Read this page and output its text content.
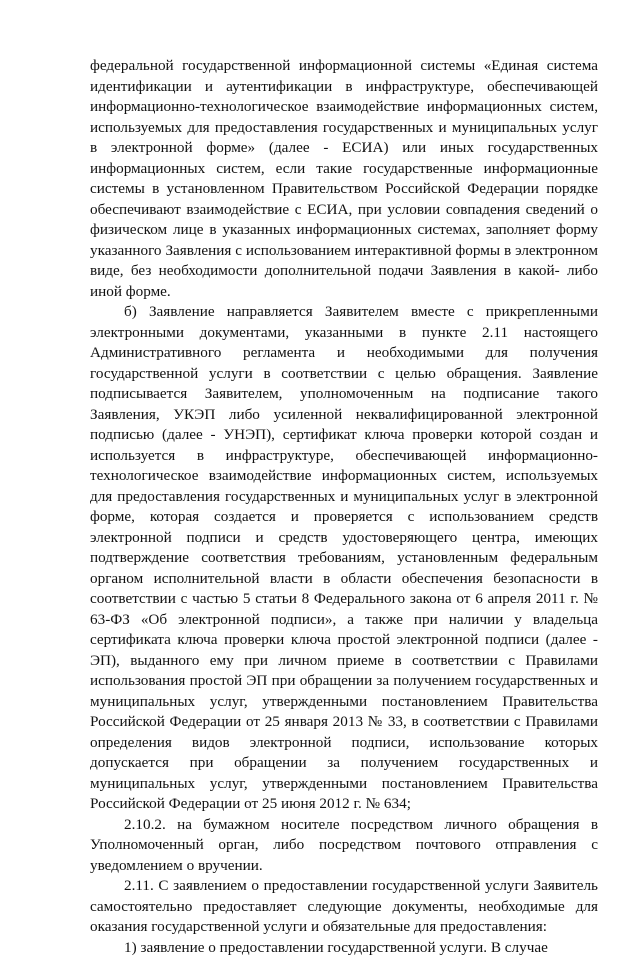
федеральной государственной информационной системы «Единая система идентификации и аутентификации в инфраструктуре, обеспечивающей информационно-технологическое взаимодействие информационных систем, используемых для предоставления государственных и муниципальных услуг в электронной форме» (далее - ЕСИА) или иных государственных информационных систем, если такие государственные информационные системы в установленном Правительством Российской Федерации порядке обеспечивают взаимодействие с ЕСИА, при условии совпадения сведений о физическом лице в указанных информационных системах, заполняет форму указанного Заявления с использованием интерактивной формы в электронном виде, без необходимости дополнительной подачи Заявления в какой- либо иной форме.

б) Заявление направляется Заявителем вместе с прикрепленными электронными документами, указанными в пункте 2.11 настоящего Административного регламента и необходимыми для получения государственной услуги в соответствии с целью обращения. Заявление подписывается Заявителем, уполномоченным на подписание такого Заявления, УКЭП либо усиленной неквалифицированной электронной подписью (далее - УНЭП), сертификат ключа проверки которой создан и используется в инфраструктуре, обеспечивающей информационно-технологическое взаимодействие информационных систем, используемых для предоставления государственных и муниципальных услуг в электронной форме, которая создается и проверяется с использованием средств электронной подписи и средств удостоверяющего центра, имеющих подтверждение соответствия требованиям, установленным федеральным органом исполнительной власти в области обеспечения безопасности в соответствии с частью 5 статьи 8 Федерального закона от 6 апреля 2011 г. № 63-ФЗ «Об электронной подписи», а также при наличии у владельца сертификата ключа проверки ключа простой электронной подписи (далее - ЭП), выданного ему при личном приеме в соответствии с Правилами использования простой ЭП при обращении за получением государственных и муниципальных услуг, утвержденными постановлением Правительства Российской Федерации от 25 января 2013 № 33, в соответствии с Правилами определения видов электронной подписи, использование которых допускается при обращении за получением государственных и муниципальных услуг, утвержденными постановлением Правительства Российской Федерации от 25 июня 2012 г. № 634;

2.10.2. на бумажном носителе посредством личного обращения в Уполномоченный орган, либо посредством почтового отправления с уведомлением о вручении.

2.11. С заявлением о предоставлении государственной услуги Заявитель самостоятельно предоставляет следующие документы, необходимые для оказания государственной услуги и обязательные для предоставления:

1) заявление о предоставлении государственной услуги. В случае
